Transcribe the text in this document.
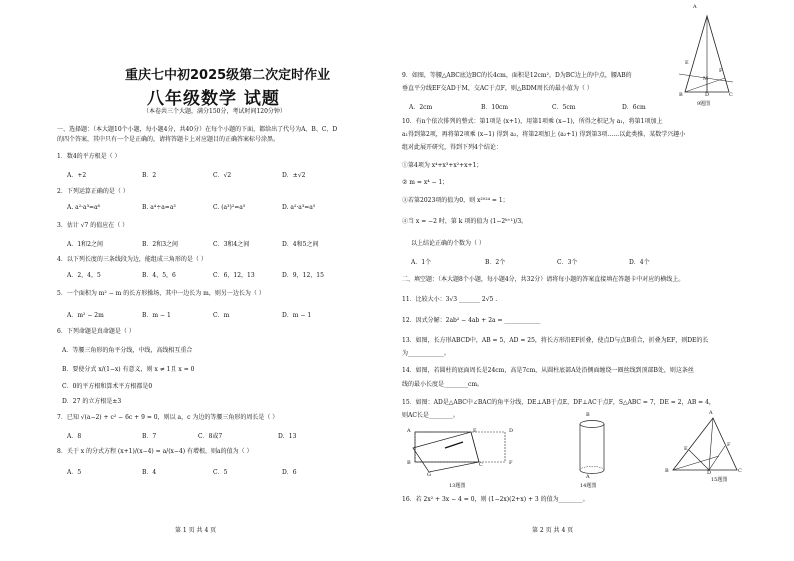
重庆七中初2025级第二次定时作业
八年级数学 试题
（本卷共三个大题，满分150分，考试时间120分钟）
一、选择题：（本大题10个小题，每小题4分，共40分）在每个小题的下面，都给出了代号为A、B、C、D
的四个答案，其中只有一个是正确的，请将答题卡上对应题目的正确答案标号涂黑。
1．数4的平方根是（ ）
A．+2	B．2	C．√2	D．±√2
2．下列运算正确的是（ ）
A. a²·a³=a⁶	B. a⁴÷a=a³	C. (a³)²=a⁵	D. a²·a³=a⁵
3．估计 √7 的值应在（ ）
A．1和2之间	B．2和3之间	C．3和4之间	D．4和5之间
4．以下列长度的三条线段为边，能组成三角形的是（ ）
A．2，4，5	B．4，5，6	C．6，12，13	D．9，12，15
5．一个面积为 m² − m 的长方形操场，其中一边长为 m，则另一边长为（ ）
A．m² − 2m	B．m − 1	C．m	D．m − 1
6．下列命题是真命题是（ ）
A．等腰三角形的角平分线，中线，高线相互重合
B．要使分式 x/(1−x) 有意义，则 x ≠ 1且 x = 0
C．0的平方根和算术平方根都是0
D．27 的立方根是±3
7．已知 √(a−2) + c² − 6c + 9 = 0，则以 a，c 为边的等腰三角形的周长是（ ）
A．8	B．7	C．8或7	D．13
8．关于 x 的分式方程 (x+1)/(x−4) = a/(x−4) 有增根，则a的值为（ ）
A．5	B．4	C．5	D．6
第 1 页 共 4 页
9．如图，等腰△ABC底边BC的长4cm，面积是12cm²，D为BC边上的中点，腰AB的
垂直平分线EF交AD于M，交AC于点F，则△BDM周长的最小值为（ ）
A．2cm	B．10cm	C．5cm	D．6cm
A
B	C
D
E
F
M
9题图
10．有n个依次排列的整式：第1项是 (x+1)，用第1项乘 (x−1)，所得之积记为 a₁，将第1项加上
a₁得到第2项，再将第2项乘 (x−1) 得到 a₂，将第2项加上 (a₂+1) 得到第3项……以此类推，某数学兴趣小
组对此展开研究，得到下列4个结论：
①第4项为 x⁴+x³+x²+x+1；
② m = x⁴ − 1；
③若第2023项的值为0，则 x²⁰²⁴ = 1；
④当 x = −2 时，第 k 项的值为 (1−2ᵏ⁺¹)/3。
以上结论正确的个数为（ ）
A．1个	B．2个	C．3个	D．4个
二、填空题：（本大题8个小题，每小题4分，共32分）请将每小题的答案直接填在答题卡中对应的横线上。
11．比较大小：3√3 _______ 2√5 .
12．因式分解：2ab² − 4ab + 2a = ____________
13．如图，长方形ABCD中，AB = 5，AD = 25，将长方形沿EF折叠，使点D与点B重合，折叠为EF，则DE的长
为____________。
14．如图，若圆柱的底面周长是24cm，高是7cm，从圆柱底部A处沿侧面缠绕一圈丝线到顶部B处，则这条丝
线的最小长度是________cm。
15．如图：AD是△ABC中∠BAC的角平分线，DE⊥AB于点E，DF⊥AC于点F，S△ABC = 7，DE = 2，AB = 4，
则AC长是________。
A
B	C
G
E	D
F
13题图
B
A
14题图
A
B	C
D
E
F
15题图
16．若 2x² + 3x − 4 = 0，则 (1−2x)(2+x) + 3 的值为________。
第 2 页 共 4 页
